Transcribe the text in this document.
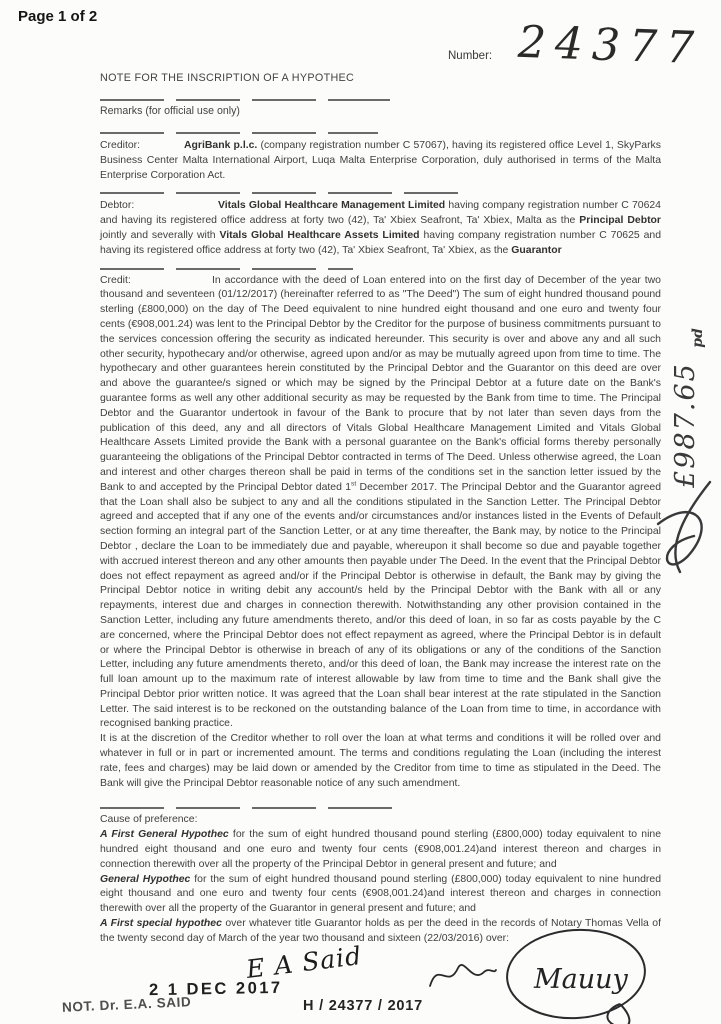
Page 1 of 2
Number: 24377

NOTE FOR THE INSCRIPTION OF A HYPOTHEC

Remarks (for official use only)

Creditor:	AgriBank p.l.c. (company registration number C 57067), having its registered office Level 1, SkyParks Business Center Malta International Airport, Luqa Malta Enterprise Corporation, duly authorised in terms of the Malta Enterprise Corporation Act.

Debtor:	Vitals Global Healthcare Management Limited having company registration number C 70624 and having its registered office address at forty two (42), Ta' Xbiex Seafront, Ta' Xbiex, Malta as the Principal Debtor jointly and severally with Vitals Global Healthcare Assets Limited having company registration number C 70625 and having its registered office address at forty two (42), Ta' Xbiex Seafront, Ta' Xbiex, as the Guarantor

Credit:	In accordance with the deed of Loan entered into on the first day of December of the year two thousand and seventeen (01/12/2017) (hereinafter referred to as "The Deed") The sum of eight hundred thousand pound sterling (£800,000) on the day of The Deed equivalent to nine hundred eight thousand and one euro and twenty four cents (€908,001.24) was lent to the Principal Debtor by the Creditor for the purpose of business commitments pursuant to the services concession offering the security as indicated hereunder. This security is over and above any and all such other security, hypothecary and/or otherwise, agreed upon and/or as may be mutually agreed upon from time to time. The hypothecary and other guarantees herein constituted by the Principal Debtor and the Guarantor on this deed are over and above the guarantee/s signed or which may be signed by the Principal Debtor at a future date on the Bank's guarantee forms as well any other additional security as may be requested by the Bank from time to time. The Principal Debtor and the Guarantor undertook in favour of the Bank to procure that by not later than seven days from the publication of this deed, any and all directors of Vitals Global Healthcare Management Limited and Vitals Global Healthcare Assets Limited provide the Bank with a personal guarantee on the Bank's official forms thereby personally guaranteeing the obligations of the Principal Debtor contracted in terms of The Deed. Unless otherwise agreed, the Loan and interest and other charges thereon shall be paid in terms of the conditions set in the sanction letter issued by the Bank to and accepted by the Principal Debtor dated 1st December 2017. The Principal Debtor and the Guarantor agreed that the Loan shall also be subject to any and all the conditions stipulated in the Sanction Letter. The Principal Debtor agreed and accepted that if any one of the events and/or circumstances and/or instances listed in the Events of Default section forming an integral part of the Sanction Letter, or at any time thereafter, the Bank may, by notice to the Principal Debtor , declare the Loan to be immediately due and payable, whereupon it shall become so due and payable together with accrued interest thereon and any other amounts then payable under The Deed. In the event that the Principal Debtor does not effect repayment as agreed and/or if the Principal Debtor is otherwise in default, the Bank may by giving the Principal Debtor notice in writing debit any account/s held by the Principal Debtor with the Bank with all or any repayments, interest due and charges in connection therewith. Notwithstanding any other provision contained in the Sanction Letter, including any future amendments thereto, and/or this deed of loan, in so far as costs payable by the C are concerned, where the Principal Debtor does not effect repayment as agreed, where the Principal Debtor is in default or where the Principal Debtor is otherwise in breach of any of its obligations or any of the conditions of the Sanction Letter, including any future amendments thereto, and/or this deed of loan, the Bank may increase the interest rate on the full loan amount up to the maximum rate of interest allowable by law from time to time and the Bank shall give the Principal Debtor prior written notice. It was agreed that the Loan shall bear interest at the rate stipulated in the Sanction Letter. The said interest is to be reckoned on the outstanding balance of the Loan from time to time, in accordance with recognised banking practice.

It is at the discretion of the Creditor whether to roll over the loan at what terms and conditions it will be rolled over and whatever in full or in part or incremented amount. The terms and conditions regulating the Loan (including the interest rate, fees and charges) may be laid down or amended by the Creditor from time to time as stipulated in the Deed. The Bank will give the Principal Debtor reasonable notice of any such amendment.

Cause of preference:

A First General Hypothec for the sum of eight hundred thousand pound sterling (£800,000) today equivalent to nine hundred eight thousand and one euro and twenty four cents (€908,001.24)and interest thereon and charges in connection therewith over all the property of the Principal Debtor in general present and future; and

General Hypothec for the sum of eight hundred thousand pound sterling (£800,000) today equivalent to nine hundred eight thousand and one euro and twenty four cents (€908,001.24)and interest thereon and charges in connection therewith over all the property of the Guarantor in general present and future; and

A First special hypothec over whatever title Guarantor holds as per the deed in the records of Notary Thomas Vella of the twenty second day of March of the year two thousand and sixteen (22/03/2016) over:

pd
£987.65
NOT. Dr. E.A. SAID
2 1 DEC 2017
E A Said
H / 24377 / 2017
Mauuy
